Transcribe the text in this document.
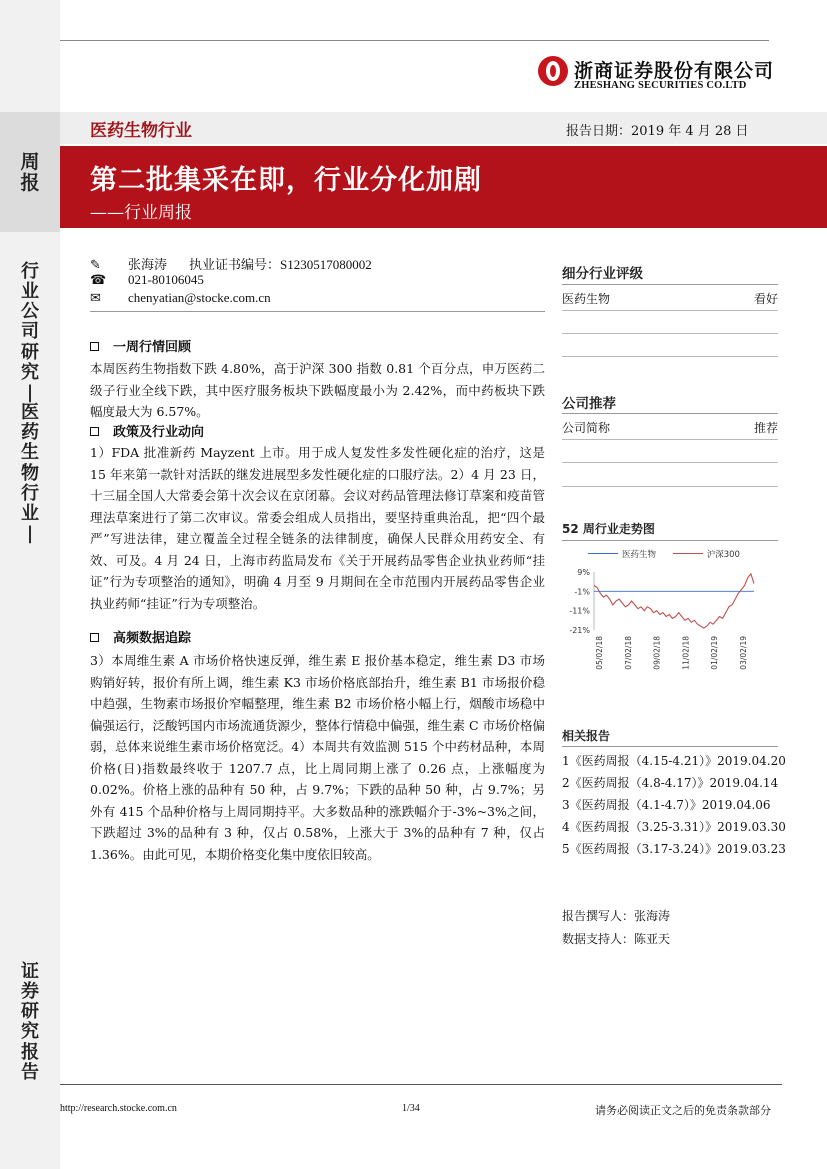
周
报
行
业
公
司
研
究
|
医
药
生
物
行
业
|
证
券
研
究
报
告
浙商证券股份有限公司
ZHESHANG SECURITIES CO.LTD
医药生物行业	报告日期：2019 年 4 月 28 日
第二批集采在即，行业分化加剧
——行业周报
✎ 张海涛 执业证书编号：S1230517080002
☎ 021-80106045
✉ chenyatian@stocke.com.cn
一周行情回顾
本周医药生物指数下跌 4.80%，高于沪深 300 指数 0.81 个百分点，申万医药二级子行业全线下跌，其中医疗服务板块下跌幅度最小为 2.42%，而中药板块下跌幅度最大为 6.57%。
政策及行业动向
1）FDA 批准新药 Mayzent 上市。用于成人复发性多发性硬化症的治疗，这是 15 年来第一款针对活跃的继发进展型多发性硬化症的口服疗法。2）4 月 23 日，十三届全国人大常委会第十次会议在京闭幕。会议对药品管理法修订草案和疫苗管理法草案进行了第二次审议。常委会组成人员指出，要坚持重典治乱，把“四个最严”写进法律，建立覆盖全过程全链条的法律制度，确保人民群众用药安全、有效、可及。4 月 24 日，上海市药监局发布《关于开展药品零售企业执业药师“挂证”行为专项整治的通知》，明确 4 月至 9 月期间在全市范围内开展药品零售企业执业药师“挂证”行为专项整治。
高频数据追踪
3）本周维生素 A 市场价格快速反弹，维生素 E 报价基本稳定，维生素 D3 市场购销好转，报价有所上调，维生素 K3 市场价格底部抬升，维生素 B1 市场报价稳中趋强，生物素市场报价窄幅整理，维生素 B2 市场价格小幅上行，烟酸市场稳中偏强运行，泛酸钙国内市场流通货源少，整体行情稳中偏强，维生素 C 市场价格偏弱，总体来说维生素市场价格宽泛。4）本周共有效监测 515 个中药材品种，本周价格(日)指数最终收于 1207.7 点，比上周同期上涨了 0.26 点，上涨幅度为 0.02%。价格上涨的品种有 50 种，占 9.7%；下跌的品种 50 种，占 9.7%；另外有 415 个品种价格与上周同期持平。大多数品种的涨跌幅介于-3%~3%之间，下跌超过 3%的品种有 3 种，仅占 0.58%，上涨大于 3%的品种有 7 种，仅占 1.36%。由此可见，本期价格变化集中度依旧较高。
细分行业评级
医药生物	看好
公司推荐
公司简称	推荐
52 周行业走势图
医药生物	沪深300
9%
-1%
-11%
-21%
05/02/18	07/02/18	09/02/18	11/02/18	01/02/19	03/02/19
相关报告
1《医药周报（4.15-4.21）》2019.04.20
2《医药周报（4.8-4.17）》2019.04.14
3《医药周报（4.1-4.7）》2019.04.06
4《医药周报（3.25-3.31）》2019.03.30
5《医药周报（3.17-3.24）》2019.03.23
报告撰写人：张海涛
数据支持人：陈亚天
http://research.stocke.com.cn	1/34	请务必阅读正文之后的免责条款部分
